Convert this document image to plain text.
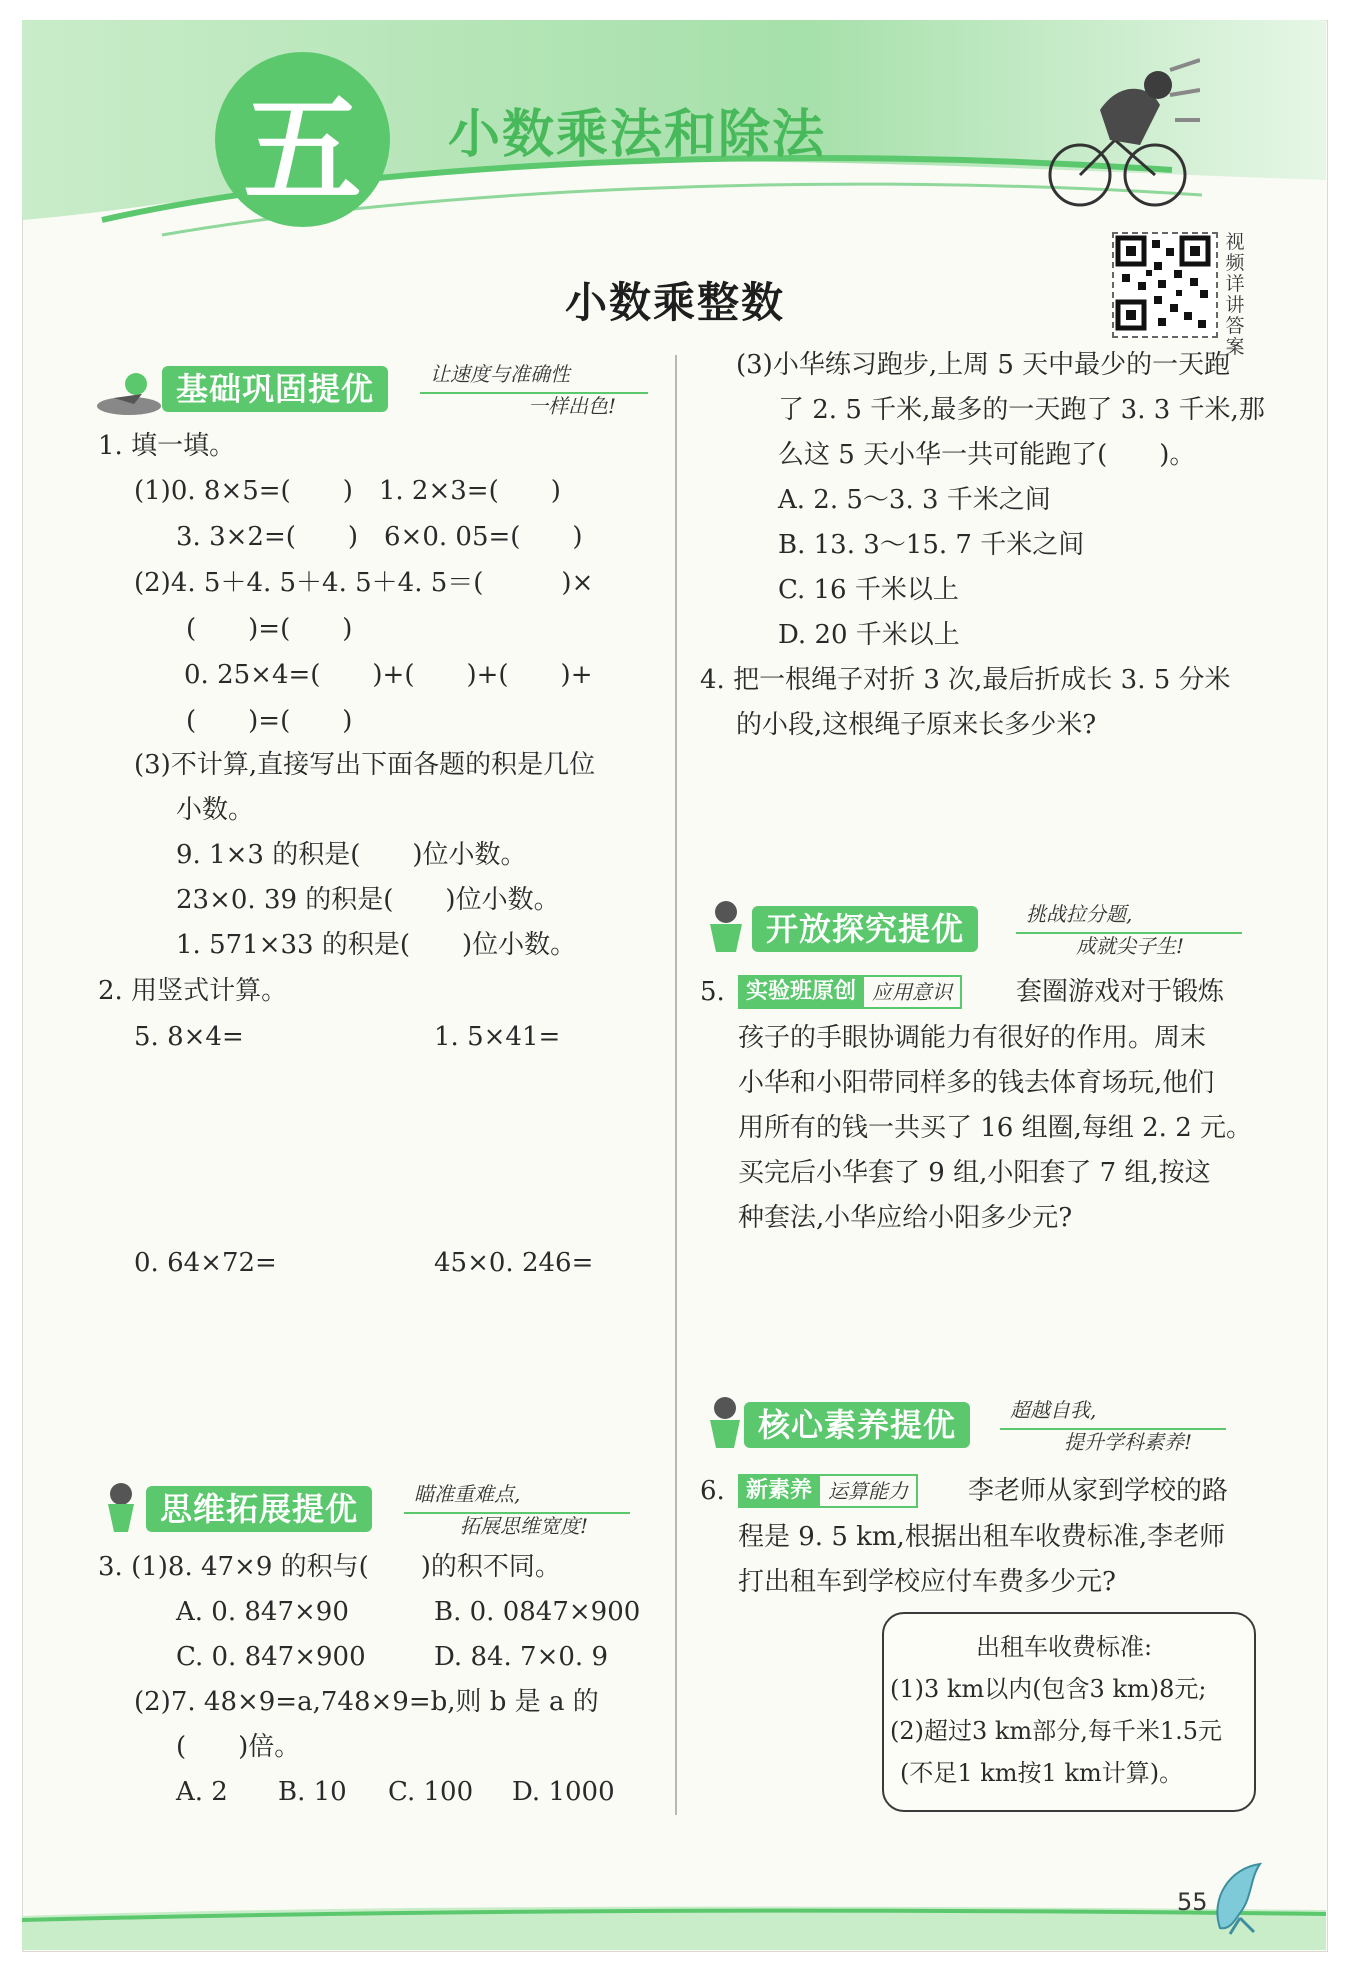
五	小数乘法和除法
小数乘整数
视频详讲答案
基础巩固提优	让速度与准确性
一样出色!
1. 填一填。
(1)0. 8×5=(　　)　1. 2×3=(　　)
3. 3×2=(　　)　6×0. 05=(　　)
(2)4. 5＋4. 5＋4. 5＋4. 5＝(　　　)×
(　　)=(　　)
0. 25×4=(　　)+(　　)+(　　)+
(　　)=(　　)
(3)不计算,直接写出下面各题的积是几位
小数。
9. 1×3 的积是(　　)位小数。
23×0. 39 的积是(　　)位小数。
1. 571×33 的积是(　　)位小数。
2. 用竖式计算。
5. 8×4=	1. 5×41=
0. 64×72=	45×0. 246=
思维拓展提优	瞄准重难点,
拓展思维宽度!
3. (1)8. 47×9 的积与(　　)的积不同。
A. 0. 847×90	B. 0. 0847×900
C. 0. 847×900	D. 84. 7×0. 9
(2)7. 48×9=a,748×9=b,则 b 是 a 的
(　　)倍。
A. 2 B. 10 C. 100 D. 1000
(3)小华练习跑步,上周 5 天中最少的一天跑
了 2. 5 千米,最多的一天跑了 3. 3 千米,那
么这 5 天小华一共可能跑了(　　)。
A. 2. 5～3. 3 千米之间
B. 13. 3～15. 7 千米之间
C. 16 千米以上
D. 20 千米以上
4. 把一根绳子对折 3 次,最后折成长 3. 5 分米
的小段,这根绳子原来长多少米?
开放探究提优	挑战拉分题,
成就尖子生!
5. 实验班原创 应用意识	套圈游戏对于锻炼
孩子的手眼协调能力有很好的作用。周末
小华和小阳带同样多的钱去体育场玩,他们
用所有的钱一共买了 16 组圈,每组 2. 2 元。
买完后小华套了 9 组,小阳套了 7 组,按这
种套法,小华应给小阳多少元?
核心素养提优	超越自我,
提升学科素养!
6. 新素养 运算能力	李老师从家到学校的路
程是 9. 5 km,根据出租车收费标准,李老师
打出租车到学校应付车费多少元?
出租车收费标准:
(1)3 km以内(包含3 km)8元;
(2)超过3 km部分,每千米1.5元
(不足1 km按1 km计算)。
55
